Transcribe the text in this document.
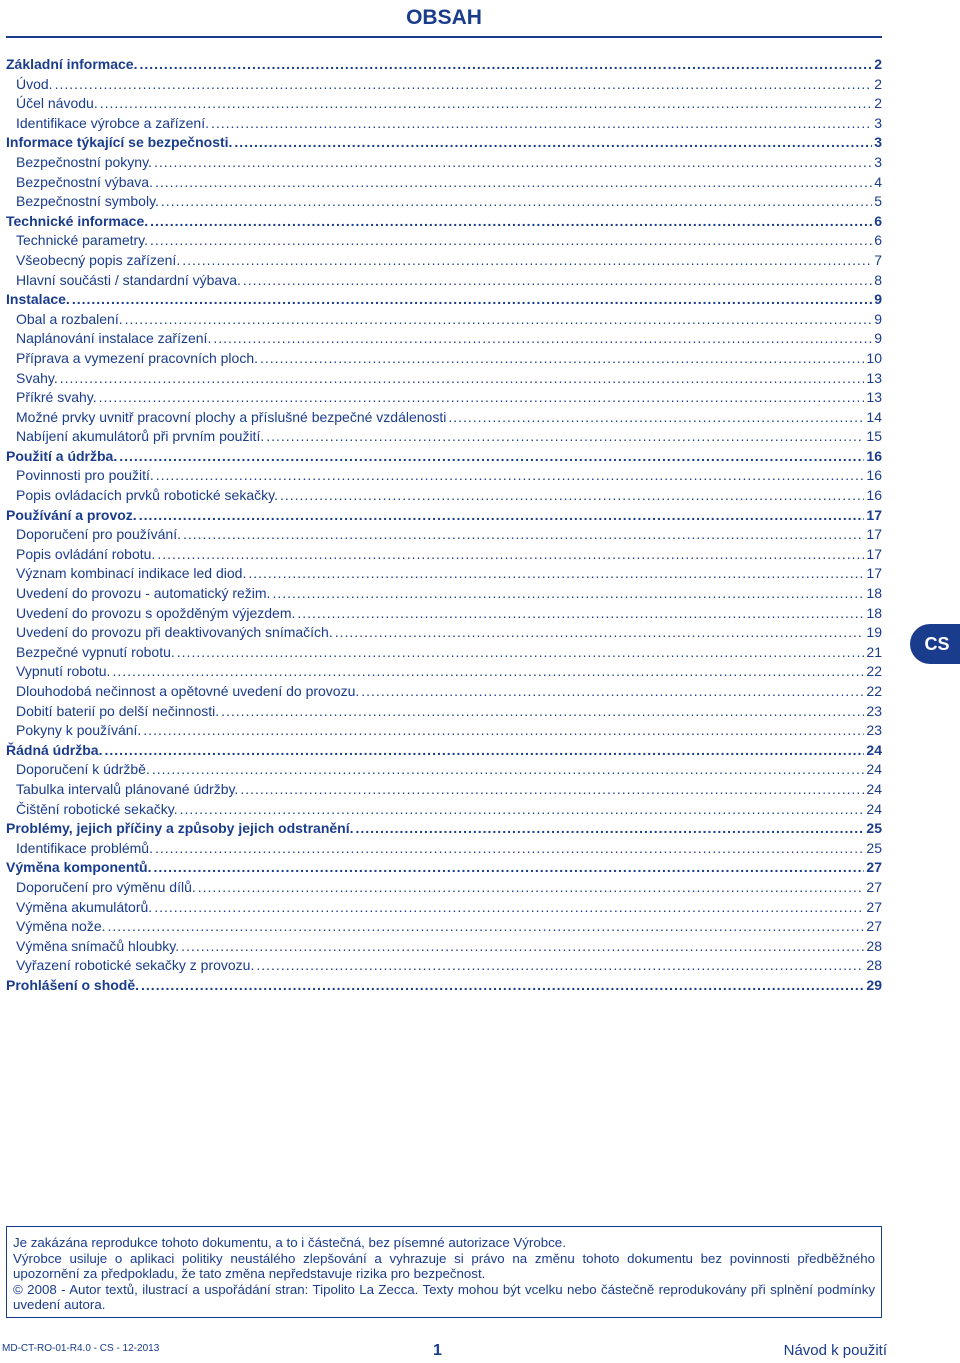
OBSAH
Základní informace. .....	2
Úvod. .....	2
Účel návodu. .....	2
Identifikace výrobce a zařízení. .....	3
Informace týkající se bezpečnosti. .....	3
Bezpečnostní pokyny. .....	3
Bezpečnostní výbava. .....	4
Bezpečnostní symboly. .....	5
Technické informace. .....	6
Technické parametry. .....	6
Všeobecný popis zařízení. .....	7
Hlavní součásti / standardní výbava. .....	8
Instalace. .....	9
Obal a rozbalení. .....	9
Naplánování instalace zařízení. .....	9
Příprava a vymezení pracovních ploch. .....	10
Svahy. .....	13
Příkré svahy. .....	13
Možné prvky uvnitř pracovní plochy a příslušné bezpečné vzdálenosti .....	14
Nabíjení akumulátorů při prvním použití. .....	15
Použití a údržba. .....	16
Povinnosti pro použití. .....	16
Popis ovládacích prvků robotické sekačky. .....	16
Používání a provoz. .....	17
Doporučení pro používání. .....	17
Popis ovládání robotu. .....	17
Význam kombinací indikace led diod. .....	17
Uvedení do provozu - automatický režim. .....	18
Uvedení do provozu s opožděným výjezdem. .....	18
Uvedení do provozu při deaktivovaných snímačích. .....	19
Bezpečné vypnutí robotu. .....	21
Vypnutí robotu. .....	22
Dlouhodobá nečinnost a opětovné uvedení do provozu. .....	22
Dobití baterií po delší nečinnosti. .....	23
Pokyny k používání. .....	23
Řádná údržba. .....	24
Doporučení k údržbě. .....	24
Tabulka intervalů plánované údržby. .....	24
Čištění robotické sekačky. .....	24
Problémy, jejich příčiny a způsoby jejich odstranění. .....	25
Identifikace problémů. .....	25
Výměna komponentů. .....	27
Doporučení pro výměnu dílů. .....	27
Výměna akumulátorů. .....	27
Výměna nože. .....	27
Výměna snímačů hloubky. .....	28
Vyřazení robotické sekačky z provozu. .....	28
Prohlášení o shodě. .....	29
CS

Je zakázána reprodukce tohoto dokumentu, a to i částečná, bez písemné autorizace Výrobce.

Výrobce usiluje o aplikaci politiky neustálého zlepšování a vyhrazuje si právo na změnu tohoto dokumentu bez povinnosti předběžného upozornění za předpokladu, že tato změna nepředstavuje rizika pro bezpečnost.

© 2008 - Autor textů, ilustrací a uspořádání stran: Tipolito La Zecca. Texty mohou být vcelku nebo částečně reprodukovány při splnění podmínky uvedení autora.

MD-CT-RO-01-R4.0 - CS - 12-2013	1	Návod k použití
